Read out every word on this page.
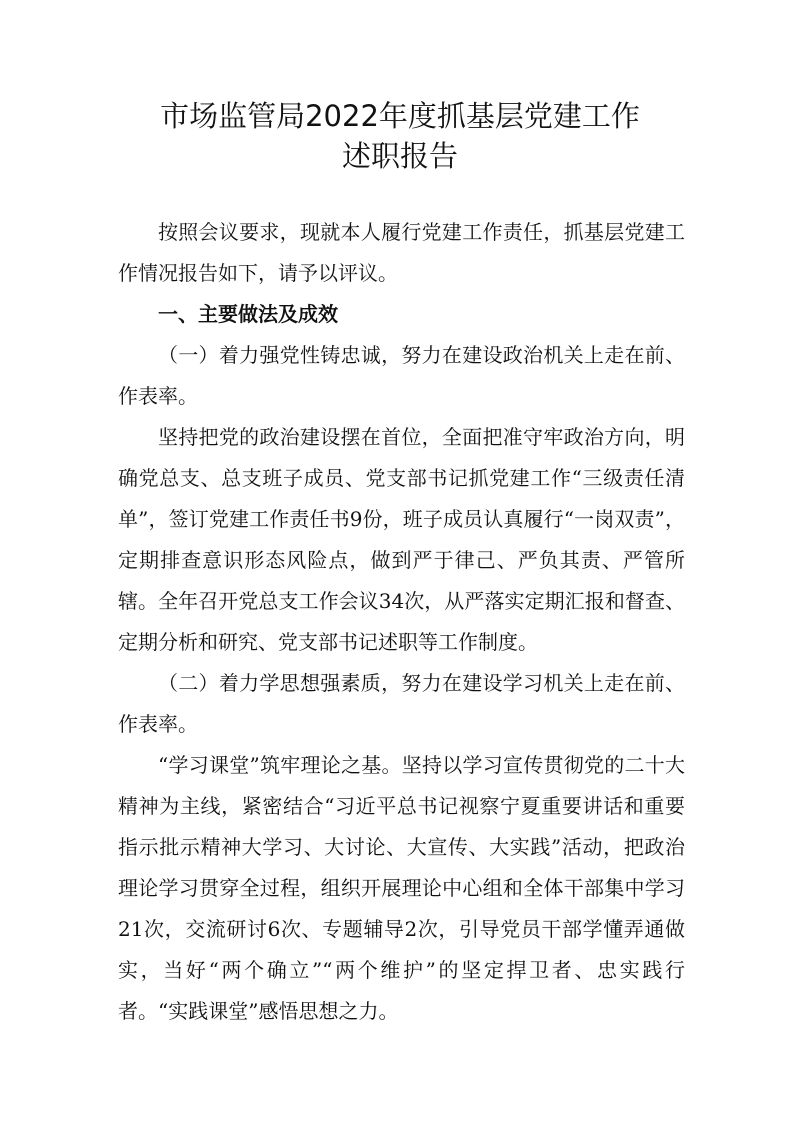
市场监管局2022年度抓基层党建工作

述职报告

按照会议要求，现就本人履行党建工作责任，抓基层党建工作情况报告如下，请予以评议。

一、主要做法及成效

（一）着力强党性铸忠诚，努力在建设政治机关上走在前、作表率。

坚持把党的政治建设摆在首位，全面把准守牢政治方向，明确党总支、总支班子成员、党支部书记抓党建工作“三级责任清单”，签订党建工作责任书9份，班子成员认真履行“一岗双责”，定期排查意识形态风险点，做到严于律己、严负其责、严管所辖。全年召开党总支工作会议34次，从严落实定期汇报和督查、定期分析和研究、党支部书记述职等工作制度。

（二）着力学思想强素质，努力在建设学习机关上走在前、作表率。

“学习课堂”筑牢理论之基。坚持以学习宣传贯彻党的二十大精神为主线，紧密结合“习近平总书记视察宁夏重要讲话和重要指示批示精神大学习、大讨论、大宣传、大实践”活动，把政治理论学习贯穿全过程，组织开展理论中心组和全体干部集中学习21次，交流研讨6次、专题辅导2次，引导党员干部学懂弄通做实，当好“两个确立”“两个维护”的坚定捍卫者、忠实践行者。“实践课堂”感悟思想之力。
